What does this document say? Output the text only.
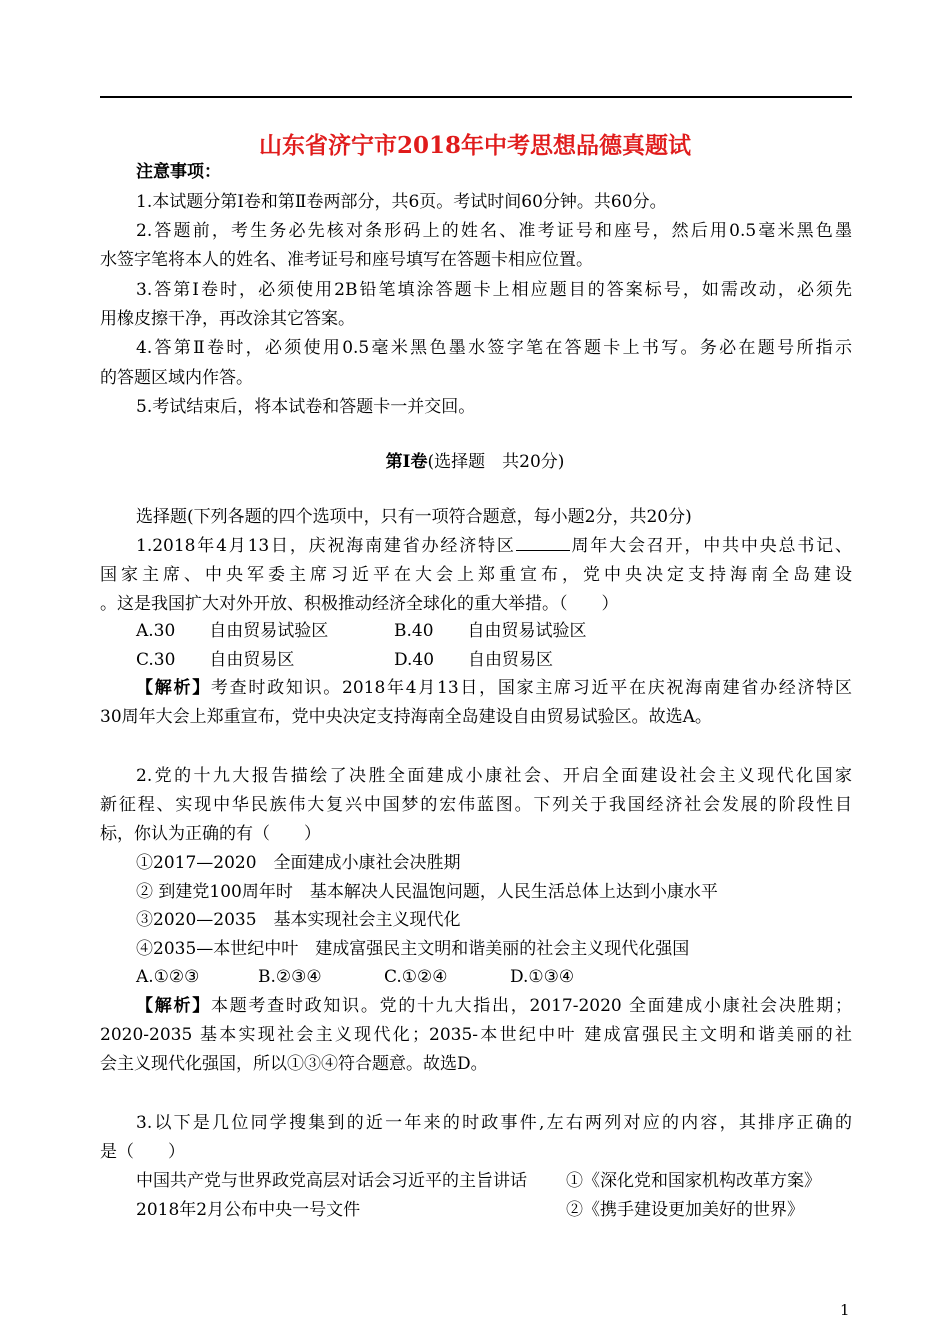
山东省济宁市2018年中考思想品德真题试
注意事项：
1.本试题分第Ⅰ卷和第Ⅱ卷两部分，共6页。考试时间60分钟。共60分。
2.答题前，考生务必先核对条形码上的姓名、准考证号和座号，然后用0.5毫米黑色墨
水签字笔将本人的姓名、准考证号和座号填写在答题卡相应位置。
3.答第Ⅰ卷时，必须使用2B铅笔填涂答题卡上相应题目的答案标号，如需改动，必须先
用橡皮擦干净，再改涂其它答案。
4.答第Ⅱ卷时，必须使用0.5毫米黑色墨水签字笔在答题卡上书写。务必在题号所指示
的答题区域内作答。
5.考试结束后，将本试卷和答题卡一并交回。
第Ⅰ卷(选择题　共20分)
选择题(下列各题的四个选项中，只有一项符合题意，每小题2分，共20分)
1.2018年4月13日，庆祝海南建省办经济特区	周年大会召开，中共中央总书记、
国家主席、中央军委主席习近平在大会上郑重宣布，党中央决定支持海南全岛建设
。这是我国扩大对外开放、积极推动经济全球化的重大举措。（　　）
A.30　　自由贸易试验区	B.40　　自由贸易试验区
C.30　　自由贸易区	D.40　　自由贸易区
【解析】考查时政知识。2018年4月13日，国家主席习近平在庆祝海南建省办经济特区
30周年大会上郑重宣布，党中央决定支持海南全岛建设自由贸易试验区。故选A。
2.党的十九大报告描绘了决胜全面建成小康社会、开启全面建设社会主义现代化国家
新征程、实现中华民族伟大复兴中国梦的宏伟蓝图。下列关于我国经济社会发展的阶段性目
标，你认为正确的有（　　）
①2017—2020　全面建成小康社会决胜期
② 到建党100周年时　基本解决人民温饱问题，人民生活总体上达到小康水平
③2020—2035　基本实现社会主义现代化
④2035—本世纪中叶　建成富强民主文明和谐美丽的社会主义现代化强国
A.①②③	B.②③④	C.①②④	D.①③④
【解析】本题考查时政知识。党的十九大指出，2017-2020 全面建成小康社会决胜期；
2020-2035 基本实现社会主义现代化；2035-本世纪中叶 建成富强民主文明和谐美丽的社
会主义现代化强国，所以①③④符合题意。故选D。
3.以下是几位同学搜集到的近一年来的时政事件,左右两列对应的内容，其排序正确的
是（　　）
中国共产党与世界政党高层对话会习近平的主旨讲话 ①《深化党和国家机构改革方案》
2018年2月公布中央一号文件	②《携手建设更加美好的世界》
1
